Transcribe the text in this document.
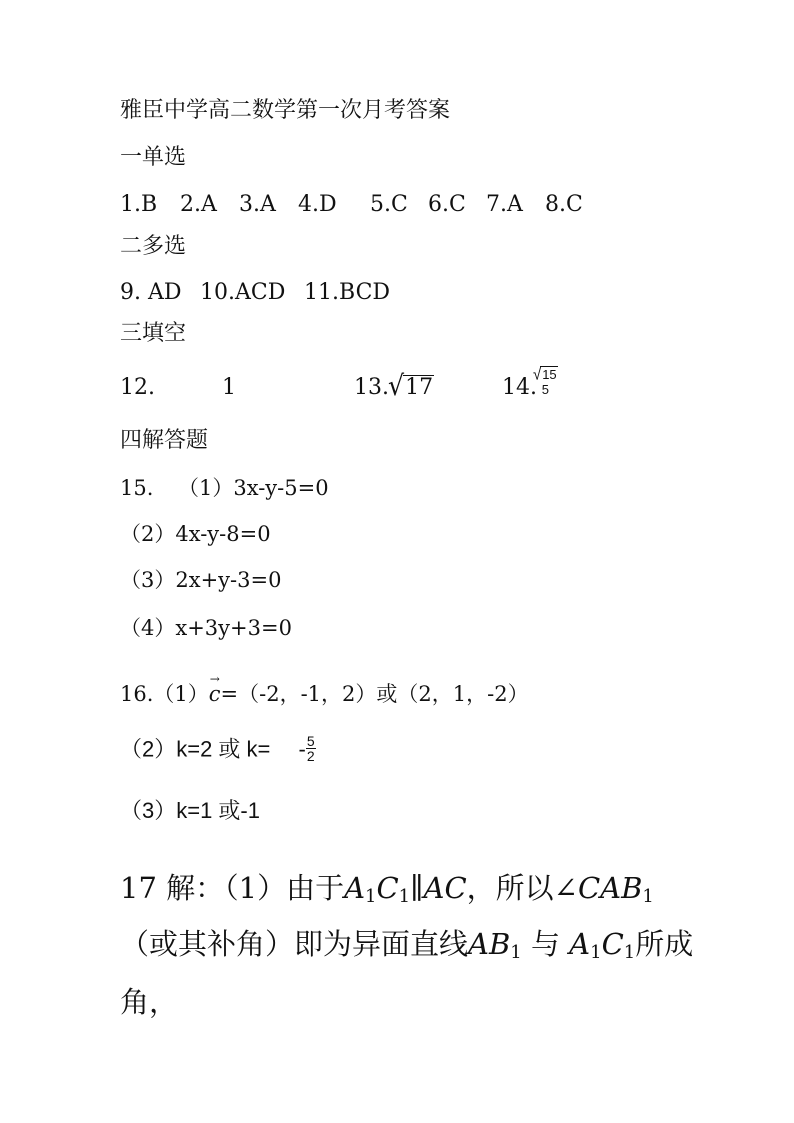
雅臣中学高二数学第一次月考答案
一单选
1.B 2.A 3.A 4.D 5.C 6.C 7.A 8.C
二多选
9. AD 10.ACD 11.BCD
三填空
12.	1	13. √17	14.
√15
5
四解答题
15. （1）3x-y-5=0
（2）4x-y-8=0
（3）2x+y-3=0
（4）x+3y+3=0
16.（1）c
→
=（-2，-1，2）或（2，1，-2）
（2）k=2 或 $k= - \frac{5}{2}$
（3）k=1 或-1
17 解：（1）由于A1C1∥AC，所以∠CAB1
（或其补角）即为异面直线AB1 与 A1C1所成
角，
